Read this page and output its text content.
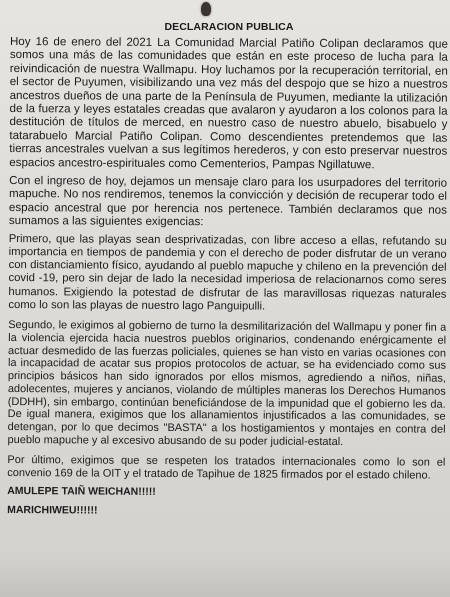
DECLARACION PUBLICA

Hoy 16 de enero del 2021 La Comunidad Marcial Patiño Colipan declaramos que somos una más de las comunidades que están en este proceso de lucha para la reivindicación de nuestra Wallmapu. Hoy luchamos por la recuperación territorial, en el sector de Puyumen, visibilizando una vez más del despojo que se hizo a nuestros ancestros dueños de una parte de la Península de Puyumen, mediante la utilización de la fuerza y leyes estatales creadas que avalaron y ayudaron a los colonos para la destitución de títulos de merced, en nuestro caso de nuestro abuelo, bisabuelo y tatarabuelo Marcial Patiño Colipan. Como descendientes pretendemos que las tierras ancestrales vuelvan a sus legítimos herederos, y con esto preservar nuestros espacios ancestro-espirituales como Cementerios, Pampas Ngillatuwe.

Con el ingreso de hoy, dejamos un mensaje claro para los usurpadores del territorio mapuche. No nos rendiremos, tenemos la convicción y decisión de recuperar todo el espacio ancestral que por herencia nos pertenece. También declaramos que nos sumamos a las siguientes exigencias:

Primero, que las playas sean desprivatizadas, con libre acceso a ellas, refutando su importancia en tiempos de pandemia y con el derecho de poder disfrutar de un verano con distanciamiento físico, ayudando al pueblo mapuche y chileno en la prevención del covid -19, pero sin dejar de lado la necesidad imperiosa de relacionarnos como seres humanos. Exigiendo la potestad de disfrutar de las maravillosas riquezas naturales como lo son las playas de nuestro lago Panguipulli.

Segundo, le exigimos al gobierno de turno la desmilitarización del Wallmapu y poner fin a la violencia ejercida hacia nuestros pueblos originarios, condenando enérgicamente el actuar desmedido de las fuerzas policiales, quienes se han visto en varias ocasiones con la incapacidad de acatar sus propios protocolos de actuar, se ha evidenciado como sus principios básicos han sido ignorados por ellos mismos, agrediendo a niños, niñas, adolecentes, mujeres y ancianos, violando de múltiples maneras los Derechos Humanos (DDHH), sin embargo, continúan beneficiándose de la impunidad que el gobierno les da. De igual manera, exigimos que los allanamientos injustificados a las comunidades, se detengan, por lo que decimos "BASTA" a los hostigamientos y montajes en contra del pueblo mapuche y al excesivo abusando de su poder judicial-estatal.

Por último, exigimos que se respeten los tratados internacionales como lo son el convenio 169 de la OIT y el tratado de Tapihue de 1825 firmados por el estado chileno.

AMULEPE TAIÑ WEICHAN!!!!!

MARICHIWEU!!!!!!
